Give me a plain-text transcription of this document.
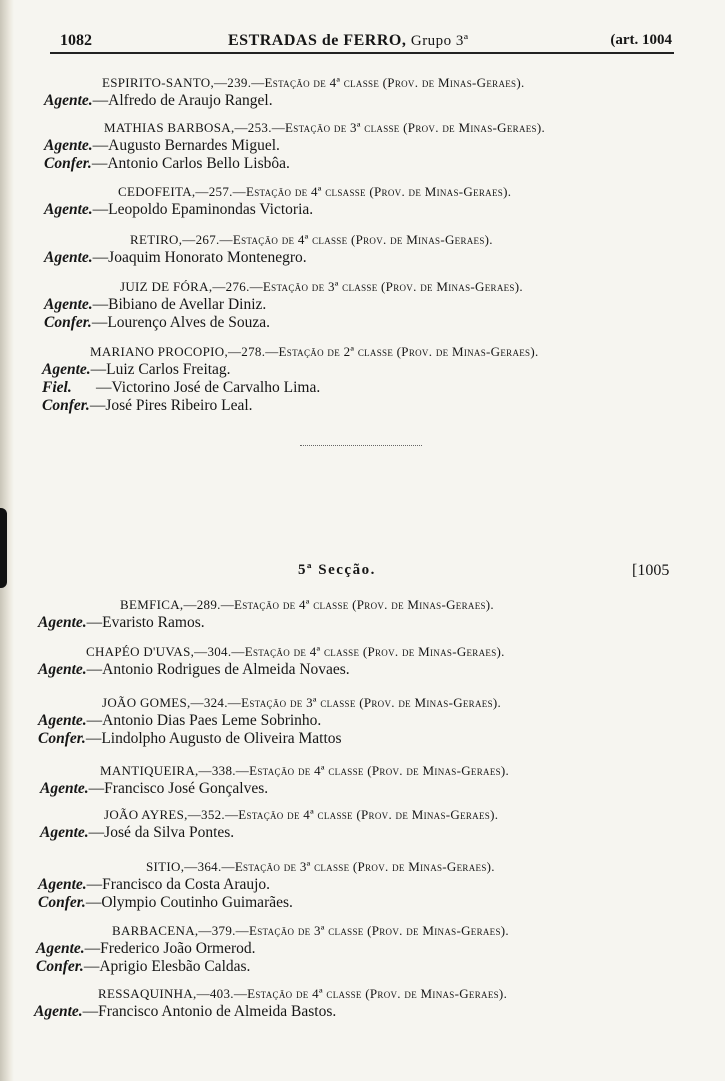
1082	ESTRADAS de FERRO, Grupo 3ª	(art. 1004
ESPIRITO-SANTO,—239.—Estação de 4ª classe (Prov. de Minas-Geraes).
Agente.—Alfredo de Araujo Rangel.
MATHIAS BARBOSA,—253.—Estação de 3ª classe (Prov. de Minas-Geraes).
Agente.—Augusto Bernardes Miguel.
Confer.—Antonio Carlos Bello Lisbôa.
CEDOFEITA,—257.—Estação de 4ª clsasse (Prov. de Minas-Geraes).
Agente.—Leopoldo Epaminondas Victoria.
RETIRO,—267.—Estação de 4ª classe (Prov. de Minas-Geraes).
Agente.—Joaquim Honorato Montenegro.
JUIZ DE FÓRA,—276.—Estação de 3ª classe (Prov. de Minas-Geraes).
Agente.—Bibiano de Avellar Diniz.
Confer.—Lourenço Alves de Souza.
MARIANO PROCOPIO,—278.—Estação de 2ª classe (Prov. de Minas-Geraes).
Agente.—Luiz Carlos Freitag.
Fiel. —Victorino José de Carvalho Lima.
Confer.—José Pires Ribeiro Leal.
5ª Secção.	[1005
BEMFICA,—289.—Estação de 4ª classe (Prov. de Minas-Geraes).
Agente.—Evaristo Ramos.
CHAPÉO D'UVAS,—304.—Estação de 4ª classe (Prov. de Minas-Geraes).
Agente.—Antonio Rodrigues de Almeida Novaes.
JOÃO GOMES,—324.—Estação de 3ª classe (Prov. de Minas-Geraes).
Agente.—Antonio Dias Paes Leme Sobrinho.
Confer.—Lindolpho Augusto de Oliveira Mattos
MANTIQUEIRA,—338.—Estação de 4ª classe (Prov. de Minas-Geraes).
Agente.—Francisco José Gonçalves.
JOÃO AYRES,—352.—Estação de 4ª classe (Prov. de Minas-Geraes).
Agente.—José da Silva Pontes.
SITIO,—364.—Estação de 3ª classe (Prov. de Minas-Geraes).
Agente.—Francisco da Costa Araujo.
Confer.—Olympio Coutinho Guimarães.
BARBACENA,—379.—Estação de 3ª classe (Prov. de Minas-Geraes).
Agente.—Frederico João Ormerod.
Confer.—Aprigio Elesbão Caldas.
RESSAQUINHA,—403.—Estação de 4ª classe (Prov. de Minas-Geraes).
Agente.—Francisco Antonio de Almeida Bastos.
